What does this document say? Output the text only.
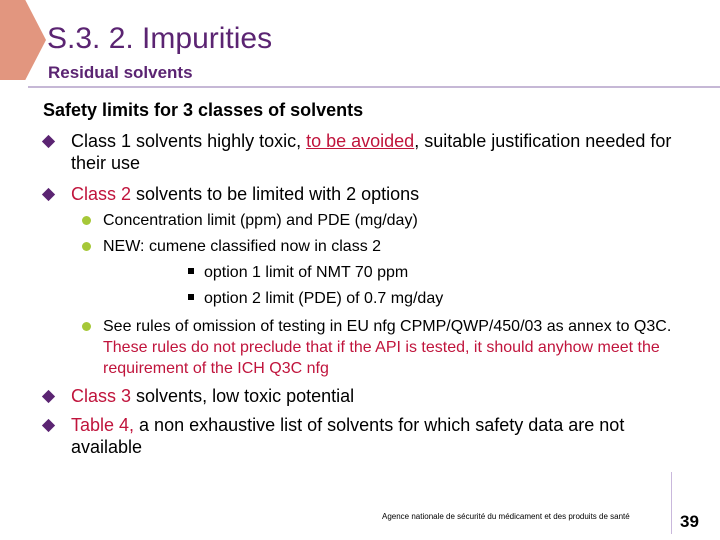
S.3. 2. Impurities
Residual solvents
Safety limits for 3 classes of solvents
Class 1 solvents highly toxic, to be avoided, suitable justification needed for their use
Class 2 solvents to be limited with 2 options
Concentration limit (ppm) and PDE (mg/day)
NEW: cumene classified now in class 2
option 1 limit of NMT 70 ppm
option 2 limit (PDE) of 0.7 mg/day
See rules of omission of testing in EU nfg CPMP/QWP/450/03 as annex to Q3C. These rules do not preclude that if the API is tested, it should anyhow meet the requirement of the ICH Q3C nfg
Class 3 solvents, low toxic potential
Table 4, a non exhaustive list of solvents for which safety data are not available
Agence nationale de sécurité du médicament et des produits de santé	39
